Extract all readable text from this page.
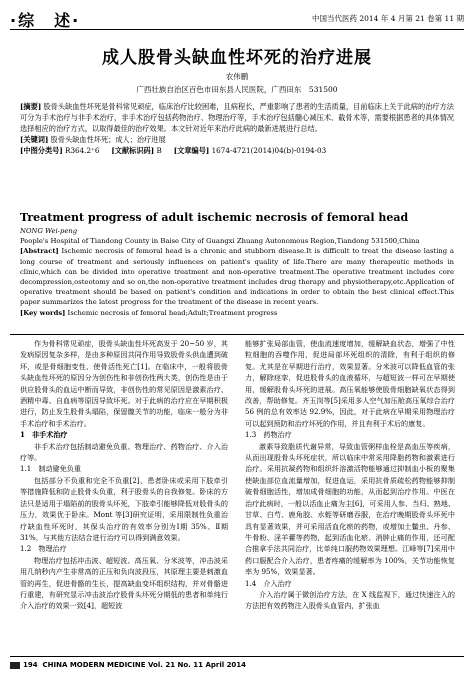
·综　述·	中国当代医药 2014 年 4 月第 21 卷第 11 期
成人股骨头缺血性坏死的治疗进展
农伟鹏
广西壮族自治区百色市田东县人民医院，广西田东　531500

[摘要] 股骨头缺血性坏死是骨科常见顽症，临床治疗比较困难，且病程长，严重影响了患者的生活质量，目前临床上关于此病的治疗方法可分为手术治疗与非手术治疗，非手术治疗包括药物治疗、物理治疗等，手术治疗包括髓心减压术、截骨术等，需要根据患者的具体情况选择相应的治疗方式，以取得最佳的治疗效果。本文针对近年来治疗此病的最新进展进行总结。

[关键词] 股骨头缺血性坏死；成人；治疗进展

[中图分类号] R364.2⁺6 [文献标识码] B [文章编号] 1674-4721(2014)04(b)-0194-03

Treatment progress of adult ischemic necrosis of femoral head

NONG Wei-peng

People's Hospital of Tiandong County in Baise City of Guangxi Zhuang Autonomous Region,Tiandong 531500,China

[Abstract] Ischemic necrosis of femoral head is a chronic and stubborn disease.It is difficult to treat the disease lasting a long course of treatment and seriously influences on patient's quality of life.There are many therapeutic methods in clinic,which can be divided into operative treatment and non-operative treatment.The operative treatment includes core decompression,osteotomy and so on,the non-operative treatment includes drug therapy and physiotherapy,etc.Application of operative treatment should be based on patient's condition and indications in order to obtain the best clinical effect.This paper summarizes the latest progress for the treatment of the disease in recent years.

[Key words] Ischemic necrosis of femoral head;Adult;Treatment progress

作为骨科常见顽症，股骨头缺血性坏死高发于 20~50 岁，其发病原因复杂多样，是由多种原因共同作用导致股骨头供血遭到破坏，或是骨细胞变性、使骨活性死亡[1]。在临床中，一般将股骨头缺血性坏死的原因分为创伤性和非创伤性两大类，创伤性是由于供应股骨头的血运中断而导致，非创伤性的常见原因是激素治疗、酒精中毒、自血病等原因导致坏死。对于此病的治疗应在早期积极进行，防止发生股骨头塌陷，保留髋关节的功能，临床一般分为非手术治疗和手术治疗。

1　非手术治疗

非手术治疗包括制动避免负重、物理治疗、药物治疗、介入治疗等。

1.1　制动避免负重

包括部分不负重和完全不负重[2]，患者卧床或采用下肢牵引等措施降低和防止股骨头负重，利于股骨头的自我修复。卧床的方法只是适用于塌陷前的股骨头坏死，下肢牵引能够降低对股骨头的压力，效果优于卧床。Mont 等[3]研究证明，采用限制性负重治疗缺血性坏死时，其保头治疗的有效率分别为Ⅰ期 35%、Ⅱ期 31%，与其他方法结合进行治疗可以得到满意效果。

1.2　物理治疗

物理治疗包括冲击波、超短波、高压氧、分米波等，冲击波采用几纳秒内产生非常高的正压和负向波段压，其原理主要是刺激血管的再生，促进骨骼的生长，提高缺血变坏组织结构，并对骨骼进行重建，有研究显示冲击波治疗股骨头坏死分期低的患者和单纯行介入治疗的效果一致[4]，超短波

能够扩张局部血管，使血流速度增加，缓解缺血状态，增强了中性粒细胞的吞噬作用，促进局部坏死组织的清除，有利于组织的修复。尤其是在早期进行治疗，效果显著。分米波可以降低血管的张力，解除痉挛，促进股骨头的血液循环，与超短波一样可在早期使用，缓解股骨头坏死的进展。高压氧能够使股骨细胞缺氧状态得到改善，帮助修复。齐玉岗等[5]采用多人空气加压舱高压氧综合治疗 56 例的总有效率达 92.9%，因此，对于此病在早期采用物理治疗可以起到预防和治疗坏死的作用，并且有利于术后的康复。

1.3　药物治疗

激素导致脂质代谢异常，导致血管粥样血栓是高血压等疾病，从而出现股骨头坏死症状，所以临床中常采用降脂药物和激素进行治疗。采用抗凝药物和组织纤溶激活物能够通过抑制血小板的聚集使缺血部位血流量增加，促进血运，采用抗骨质疏松药物能够抑制破骨细胞活性，增加成骨细胞的功能，从而起到治疗作用。中医在治疗此病时，一般以活血止痛为主[6]，可采用人参、当归、熟地、甘草、白芍、鹿角胶、水蛭等研磨吞服，在治疗晚期股骨头坏死中具有显著效果，并可采用活血化瘀的药物，或增加土鳖虫、丹参、牛骨粉、淫羊藿等药物，起到活血化瘀、消肿止痛的作用，还可配合推拿手法共同治疗，比单纯口服药物效果理想。江峰等[7]采用中药口服配合介入治疗，患者疼痛的缓解率为 100%，关节功能恢复率为 95%，效果显著。

1.4　介入治疗

介入治疗属于微创治疗方法，在 X 线监视下，通过快速注入的方法把有效药物注入股骨头血管内，扩张血

194 CHINA MODERN MEDICINE Vol. 21 No. 11 April 2014
